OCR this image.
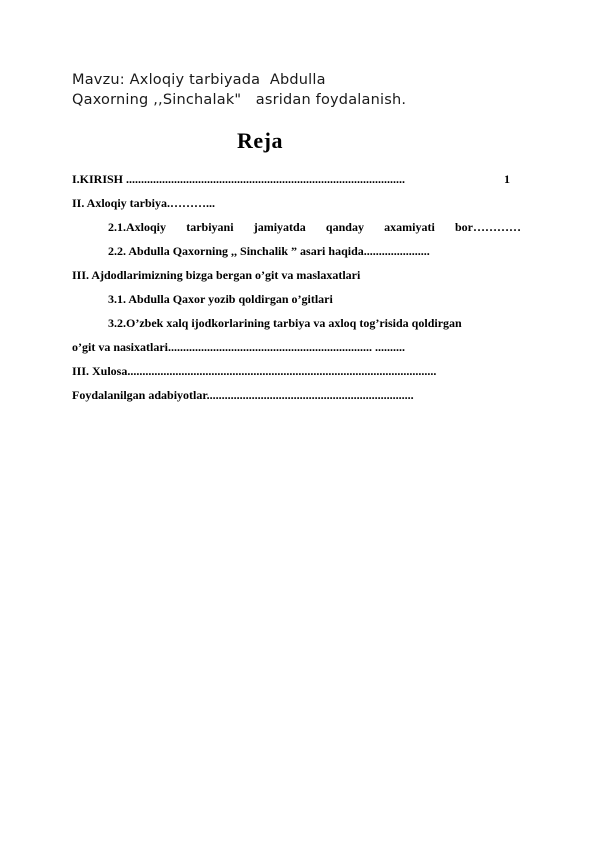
Mavzu: Axloqiy tarbiyada  Abdulla
Qaxorning ,,Sinchalak"   asridan foydalanish.
Reja
I.KIRISH .............................................................................................	1
II. Axloqiy tarbiya.………...
2.1.Axloqiy tarbiyani jamiyatda qanday axamiyati bor…………
2.2. Abdulla Qaxorning ,, Sinchalik ” asari haqida......................
III. Ajdodlarimizning bizga bergan o’git va maslaxatlari
3.1. Abdulla Qaxor yozib qoldirgan o’gitlari
3.2.O’zbek xalq ijodkorlarining tarbiya va axloq tog’risida qoldirgan
o’git va nasixatlari.................................................................... ..........
III. Xulosa.......................................................................................................
Foydalanilgan adabiyotlar.....................................................................
